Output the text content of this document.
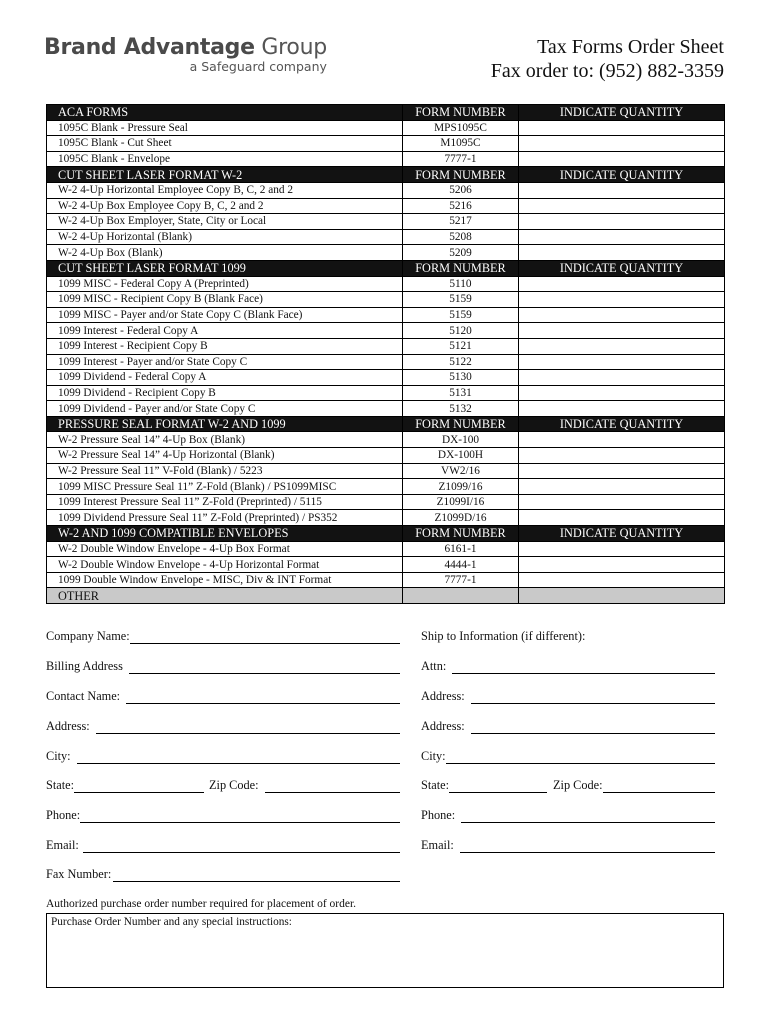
Brand Advantage Group
a Safeguard company
Tax Forms Order Sheet
Fax order to: (952) 882-3359
ACA FORMS	FORM NUMBER	INDICATE QUANTITY
1095C Blank - Pressure Seal	MPS1095C	
1095C Blank - Cut Sheet	M1095C	
1095C Blank - Envelope	7777-1	
CUT SHEET LASER FORMAT W-2	FORM NUMBER	INDICATE QUANTITY
W-2 4-Up Horizontal Employee Copy B, C, 2 and 2	5206	
W-2 4-Up Box Employee Copy B, C, 2 and 2	5216	
W-2 4-Up Box Employer, State, City or Local	5217	
W-2 4-Up Horizontal (Blank)	5208	
W-2 4-Up Box (Blank)	5209	
CUT SHEET LASER FORMAT 1099	FORM NUMBER	INDICATE QUANTITY
1099 MISC - Federal Copy A (Preprinted)	5110	
1099 MISC - Recipient Copy B (Blank Face)	5159	
1099 MISC - Payer and/or State Copy C (Blank Face)	5159	
1099 Interest - Federal Copy A	5120	
1099 Interest - Recipient Copy B	5121	
1099 Interest - Payer and/or State Copy C	5122	
1099 Dividend - Federal Copy A	5130	
1099 Dividend - Recipient Copy B	5131	
1099 Dividend - Payer and/or State Copy C	5132	
PRESSURE SEAL FORMAT W-2 AND 1099	FORM NUMBER	INDICATE QUANTITY
W-2 Pressure Seal 14” 4-Up Box (Blank)	DX-100	
W-2 Pressure Seal 14” 4-Up Horizontal (Blank)	DX-100H	
W-2 Pressure Seal 11” V-Fold (Blank) / 5223	VW2/16	
1099 MISC Pressure Seal 11” Z-Fold (Blank) / PS1099MISC	Z1099/16	
1099 Interest Pressure Seal 11” Z-Fold (Preprinted) / 5115	Z1099I/16	
1099 Dividend Pressure Seal 11” Z-Fold (Preprinted) / PS352	Z1099D/16	
W-2 AND 1099 COMPATIBLE ENVELOPES	FORM NUMBER	INDICATE QUANTITY
W-2 Double Window Envelope - 4-Up Box Format	6161-1	
W-2 Double Window Envelope - 4-Up Horizontal Format	4444-1	
1099 Double Window Envelope - MISC, Div & INT Format	7777-1	
OTHER		
Company Name:
Billing Address
Contact Name:
Address:
City:
State:	Zip Code:
Phone:
Email:
Fax Number:
Ship to Information (if different):
Attn:
Address:
Address:
City:
State:	Zip Code:
Phone:
Email:
Authorized purchase order number required for placement of order.
Purchase Order Number and any special instructions:
